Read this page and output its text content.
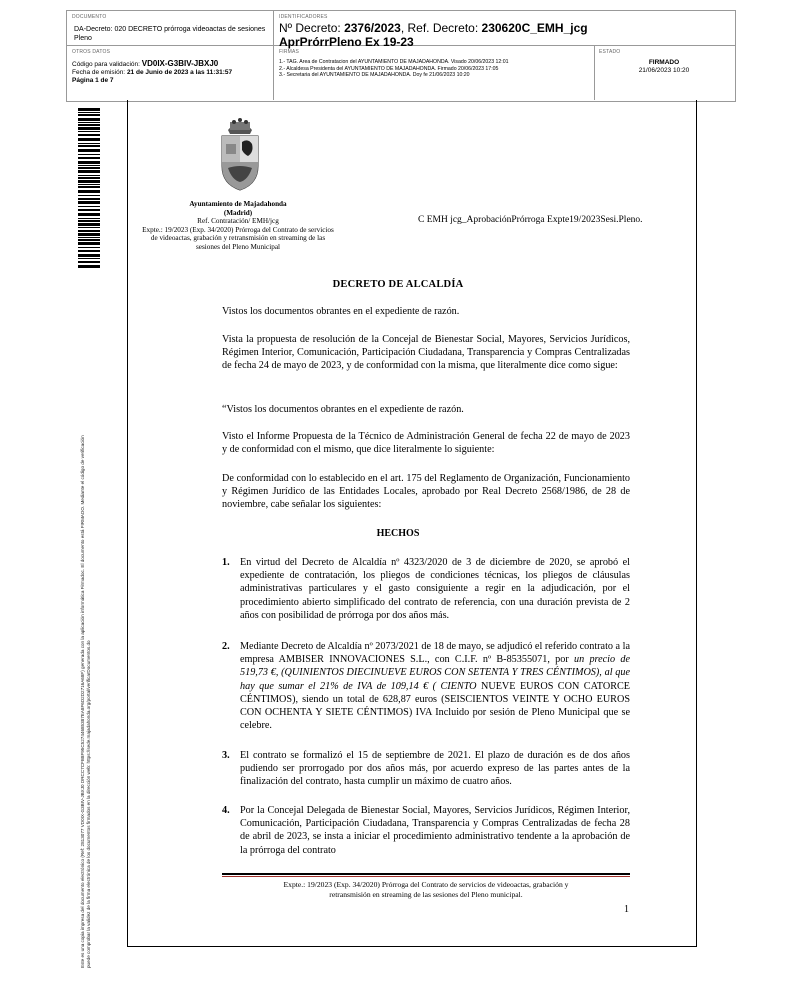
DOCUMENTO
DA-Decreto: 020 DECRETO prórroga videoactas de sesiones Pleno
IDENTIFICADORES
Nº Decreto: 2376/2023, Ref. Decreto: 230620C_EMH_jcg
AprPrórrPleno Ex 19-23
OTROS DATOS
Código para validación: VD0IX-G3BIV-JBXJ0
Fecha de emisión: 21 de Junio de 2023 a las 11:31:57
Página 1 de 7
FIRMAS
1.- TAG. Area de Contratacion del AYUNTAMIENTO DE MAJADAHONDA. Visado 20/06/2023 12:01
2.- Alcaldesa Presidenta del AYUNTAMIENTO DE MAJADAHONDA. Firmado 20/06/2023 17:05
3.- Secretaria del AYUNTAMIENTO DE MAJADAHONDA. Doy fe 21/06/2023 10:20
ESTADO
FIRMADO
21/06/2023 10:20
Este es una copia impresa del documento electrónico (Ref: 2813077 VD0IX-G3BIV-JBXJ0 DRCC7CFB8F95C52744685387EA8F6D2D2716A68F) generada con la aplicación informática Firmadoc. El documento está FIRMADO. Mediante el código de verificación puede comprobar la validez de la firma electrónica de los documentos firmados en la dirección web: https://sede.majadahonda.org/portal/verificarDocumentos.do
Ayuntamiento de Majadahonda
(Madrid)
Ref. Contratación/ EMH/jcg
Expte.: 19/2023 (Exp. 34/2020) Prórroga del Contrato de servicios
de videoactas, grabación y retransmisión en streaming de las
sesiones del Pleno Municipal
C EMH jcg_AprobaciónPrórroga Expte19/2023Sesi.Pleno.
DECRETO DE ALCALDÍA
Vistos los documentos obrantes en el expediente de razón.
Vista la propuesta de resolución de la Concejal de Bienestar Social, Mayores, Servicios Jurídicos, Régimen Interior, Comunicación, Participación Ciudadana, Transparencia y Compras Centralizadas de fecha 24 de mayo de 2023, y de conformidad con la misma, que literalmente dice como sigue:
“Vistos los documentos obrantes en el expediente de razón.
Visto el Informe Propuesta de la Técnico de Administración General de fecha 22 de mayo de 2023 y de conformidad con el mismo, que dice literalmente lo siguiente:
De conformidad con lo establecido en el art. 175 del Reglamento de Organización, Funcionamiento y Régimen Jurídico de las Entidades Locales, aprobado por Real Decreto 2568/1986, de 28 de noviembre, cabe señalar los siguientes:
HECHOS
1. En virtud del Decreto de Alcaldía nº 4323/2020 de 3 de diciembre de 2020, se aprobó el expediente de contratación, los pliegos de condiciones técnicas, los pliegos de cláusulas administrativas particulares y el gasto consiguiente a regir en la adjudicación, por el procedimiento abierto simplificado del contrato de referencia, con una duración prevista de 2 años con posibilidad de prórroga por dos años más.
2. Mediante Decreto de Alcaldía nº 2073/2021 de 18 de mayo, se adjudicó el referido contrato a la empresa AMBISER INNOVACIONES S.L., con C.I.F. nº B-85355071, por un precio de 519,73 €, (QUINIENTOS DIECINUEVE EUROS CON SETENTA Y TRES CÉNTIMOS), al que hay que sumar el 21% de IVA de 109,14 € ( CIENTO NUEVE EUROS CON CATORCE CÉNTIMOS), siendo un total de 628,87 euros (SEISCIENTOS VEINTE Y OCHO EUROS CON OCHENTA Y SIETE CÉNTIMOS) IVA Incluido por sesión de Pleno Municipal que se celebre.
3. El contrato se formalizó el 15 de septiembre de 2021. El plazo de duración es de dos años pudiendo ser prorrogado por dos años más, por acuerdo expreso de las partes antes de la finalización del contrato, hasta cumplir un máximo de cuatro años.
4. Por la Concejal Delegada de Bienestar Social, Mayores, Servicios Jurídicos, Régimen Interior, Comunicación, Participación Ciudadana, Transparencia y Compras Centralizadas de fecha 28 de abril de 2023, se insta a iniciar el procedimiento administrativo tendente a la aprobación de la prórroga del contrato
Expte.: 19/2023 (Exp. 34/2020) Prórroga del Contrato de servicios de videoactas, grabación y
retransmisión en streaming de las sesiones del Pleno municipal.
1
